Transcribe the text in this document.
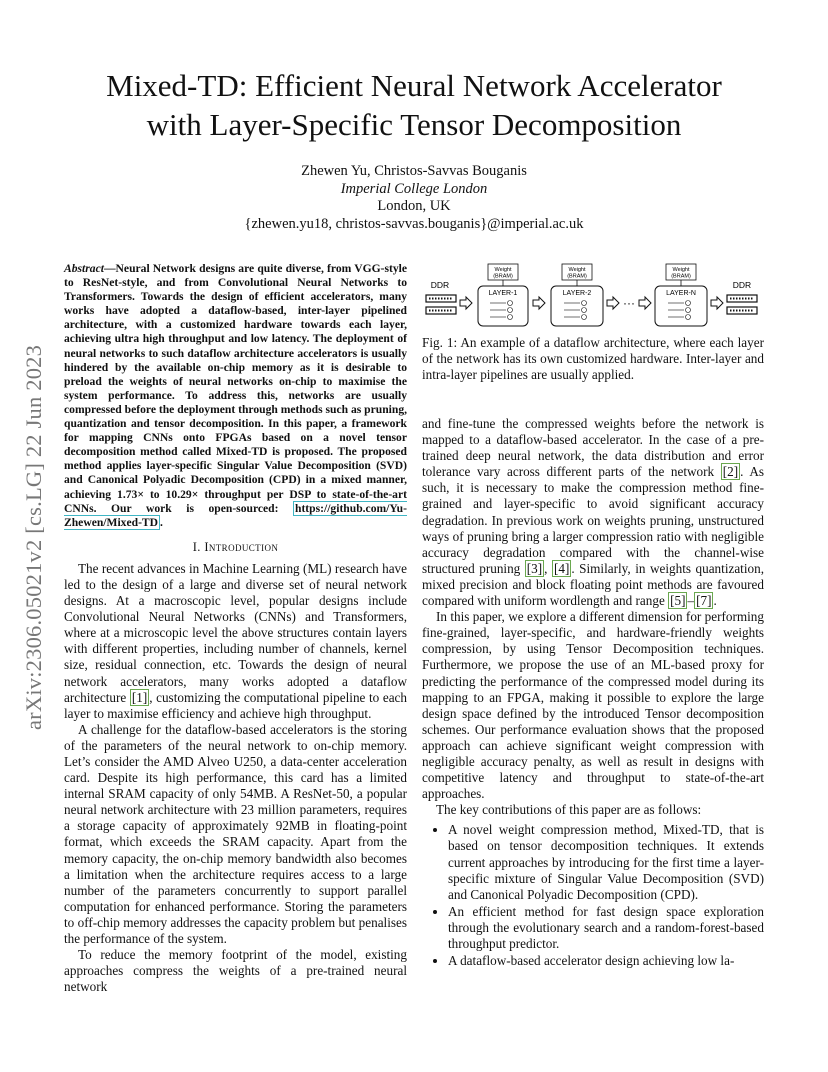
Mixed-TD: Efficient Neural Network Accelerator
with Layer-Specific Tensor Decomposition
Zhewen Yu, Christos-Savvas Bouganis
Imperial College London
London, UK
{zhewen.yu18, christos-savvas.bouganis}@imperial.ac.uk
arXiv:2306.05021v2 [cs.LG] 22 Jun 2023

Abstract—Neural Network designs are quite diverse, from VGG-style to ResNet-style, and from Convolutional Neural Networks to Transformers. Towards the design of efficient accelerators, many works have adopted a dataflow-based, inter-layer pipelined architecture, with a customized hardware towards each layer, achieving ultra high throughput and low latency. The deployment of neural networks to such dataflow architecture accelerators is usually hindered by the available on-chip memory as it is desirable to preload the weights of neural networks on-chip to maximise the system performance. To address this, networks are usually compressed before the deployment through methods such as pruning, quantization and tensor decomposition. In this paper, a framework for mapping CNNs onto FPGAs based on a novel tensor decomposition method called Mixed-TD is proposed. The proposed method applies layer-specific Singular Value Decomposition (SVD) and Canonical Polyadic Decomposition (CPD) in a mixed manner, achieving 1.73× to 10.29× throughput per DSP to state-of-the-art CNNs. Our work is open-sourced: https://github.com/Yu-Zhewen/Mixed-TD .

I. Introduction

The recent advances in Machine Learning (ML) research have led to the design of a large and diverse set of neural network designs. At a macroscopic level, popular designs include Convolutional Neural Networks (CNNs) and Transformers, where at a microscopic level the above structures contain layers with different properties, including number of channels, kernel size, residual connection, etc. Towards the design of neural network accelerators, many works adopted a dataflow architecture [1] , customizing the computational pipeline to each layer to maximise efficiency and achieve high throughput.

A challenge for the dataflow-based accelerators is the storing of the parameters of the neural network to on-chip memory. Let’s consider the AMD Alveo U250, a data-center acceleration card. Despite its high performance, this card has a limited internal SRAM capacity of only 54MB. A ResNet-50, a popular neural network architecture with 23 million parameters, requires a storage capacity of approximately 92MB in floating-point format, which exceeds the SRAM capacity. Apart from the memory capacity, the on-chip memory bandwidth also becomes a limitation when the architecture requires access to a large number of the parameters concurrently to support parallel computation for enhanced performance. Storing the parameters to off-chip memory addresses the capacity problem but penalises the performance of the system.

To reduce the memory footprint of the model, existing approaches compress the weights of a pre-trained neural network

DDR
Weight
(BRAM)
LAYER-1
Weight
(BRAM)
LAYER-2
···
Weight
(BRAM)
LAYER-N
DDR
Fig. 1: An example of a dataflow architecture, where each layer of the network has its own customized hardware. Inter-layer and intra-layer pipelines are usually applied.

and fine-tune the compressed weights before the network is mapped to a dataflow-based accelerator. In the case of a pre-trained deep neural network, the data distribution and error tolerance vary across different parts of the network [2] . As such, it is necessary to make the compression method fine-grained and layer-specific to avoid significant accuracy degradation. In previous work on weights pruning, unstructured ways of pruning bring a larger compression ratio with negligible accuracy degradation compared with the channel-wise structured pruning [3] , [4] . Similarly, in weights quantization, mixed precision and block floating point methods are favoured compared with uniform wordlength and range [5] – [7] .

In this paper, we explore a different dimension for performing fine-grained, layer-specific, and hardware-friendly weights compression, by using Tensor Decomposition techniques. Furthermore, we propose the use of an ML-based proxy for predicting the performance of the compressed model during its mapping to an FPGA, making it possible to explore the large design space defined by the introduced Tensor decomposition schemes. Our performance evaluation shows that the proposed approach can achieve significant weight compression with negligible accuracy penalty, as well as result in designs with competitive latency and throughput to state-of-the-art approaches.

The key contributions of this paper are as follows:

• A novel weight compression method, Mixed-TD, that is based on tensor decomposition techniques. It extends current approaches by introducing for the first time a layer-specific mixture of Singular Value Decomposition (SVD) and Canonical Polyadic Decomposition (CPD).
• An efficient method for fast design space exploration through the evolutionary search and a random-forest-based throughput predictor.
• A dataflow-based accelerator design achieving low la-
